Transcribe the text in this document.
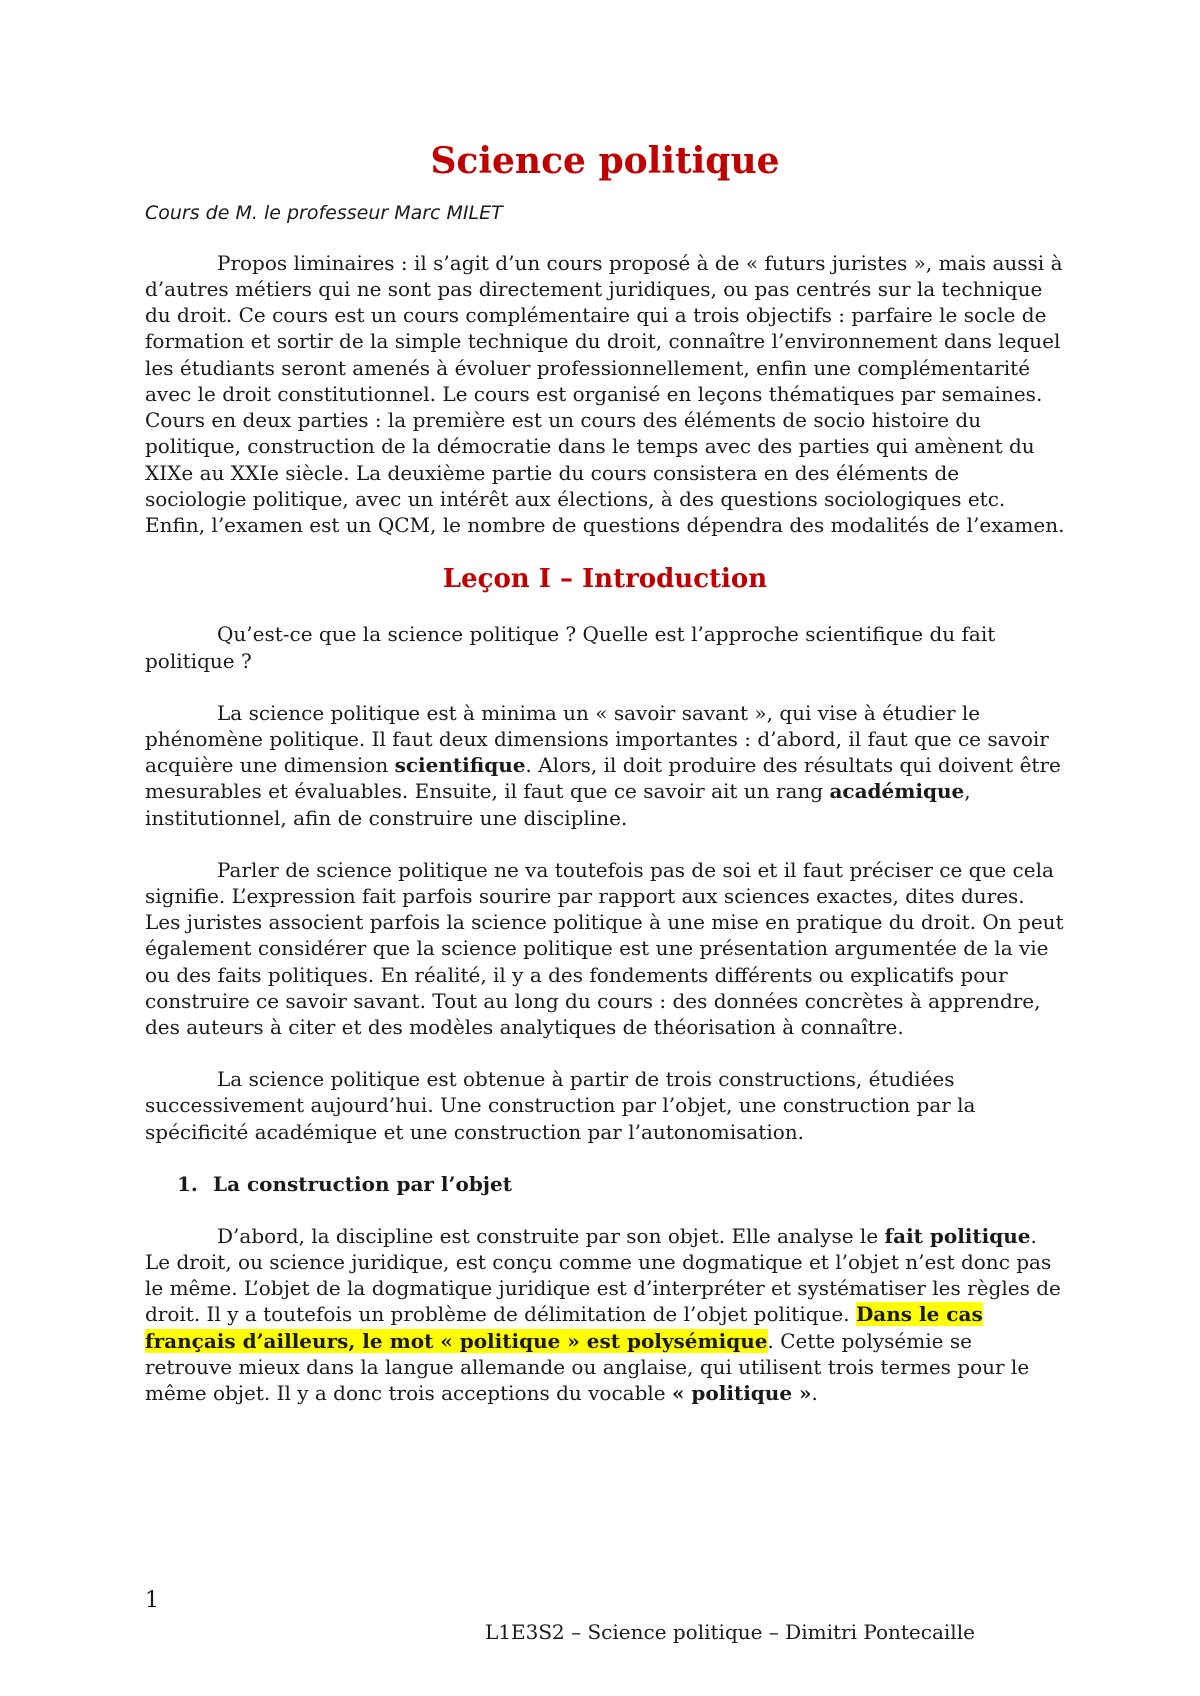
Science politique
Cours de M. le professeur Marc MILET

Propos liminaires : il s’agit d’un cours proposé à de « futurs juristes », mais aussi à d’autres métiers qui ne sont pas directement juridiques, ou pas centrés sur la technique du droit. Ce cours est un cours complémentaire qui a trois objectifs : parfaire le socle de formation et sortir de la simple technique du droit, connaître l’environnement dans lequel les étudiants seront amenés à évoluer professionnellement, enfin une complémentarité avec le droit constitutionnel. Le cours est organisé en leçons thématiques par semaines. Cours en deux parties : la première est un cours des éléments de socio histoire du politique, construction de la démocratie dans le temps avec des parties qui amènent du XIXe au XXIe siècle. La deuxième partie du cours consistera en des éléments de sociologie politique, avec un intérêt aux élections, à des questions sociologiques etc. Enfin, l’examen est un QCM, le nombre de questions dépendra des modalités de l’examen.

Leçon I – Introduction

Qu’est-ce que la science politique ? Quelle est l’approche scientifique du fait politique ?

La science politique est à minima un « savoir savant », qui vise à étudier le phénomène politique. Il faut deux dimensions importantes : d’abord, il faut que ce savoir acquière une dimension scientifique. Alors, il doit produire des résultats qui doivent être mesurables et évaluables. Ensuite, il faut que ce savoir ait un rang académique, institutionnel, afin de construire une discipline.

Parler de science politique ne va toutefois pas de soi et il faut préciser ce que cela signifie. L’expression fait parfois sourire par rapport aux sciences exactes, dites dures. Les juristes associent parfois la science politique à une mise en pratique du droit. On peut également considérer que la science politique est une présentation argumentée de la vie ou des faits politiques. En réalité, il y a des fondements différents ou explicatifs pour construire ce savoir savant. Tout au long du cours : des données concrètes à apprendre, des auteurs à citer et des modèles analytiques de théorisation à connaître.

La science politique est obtenue à partir de trois constructions, étudiées successivement aujourd’hui. Une construction par l’objet, une construction par la spécificité académique et une construction par l’autonomisation.

1. La construction par l’objet

D’abord, la discipline est construite par son objet. Elle analyse le fait politique. Le droit, ou science juridique, est conçu comme une dogmatique et l’objet n’est donc pas le même. L’objet de la dogmatique juridique est d’interpréter et systématiser les règles de droit. Il y a toutefois un problème de délimitation de l’objet politique. Dans le cas français d’ailleurs, le mot « politique » est polysémique. Cette polysémie se retrouve mieux dans la langue allemande ou anglaise, qui utilisent trois termes pour le même objet. Il y a donc trois acceptions du vocable « politique ».

1
L1E3S2 – Science politique – Dimitri Pontecaille
